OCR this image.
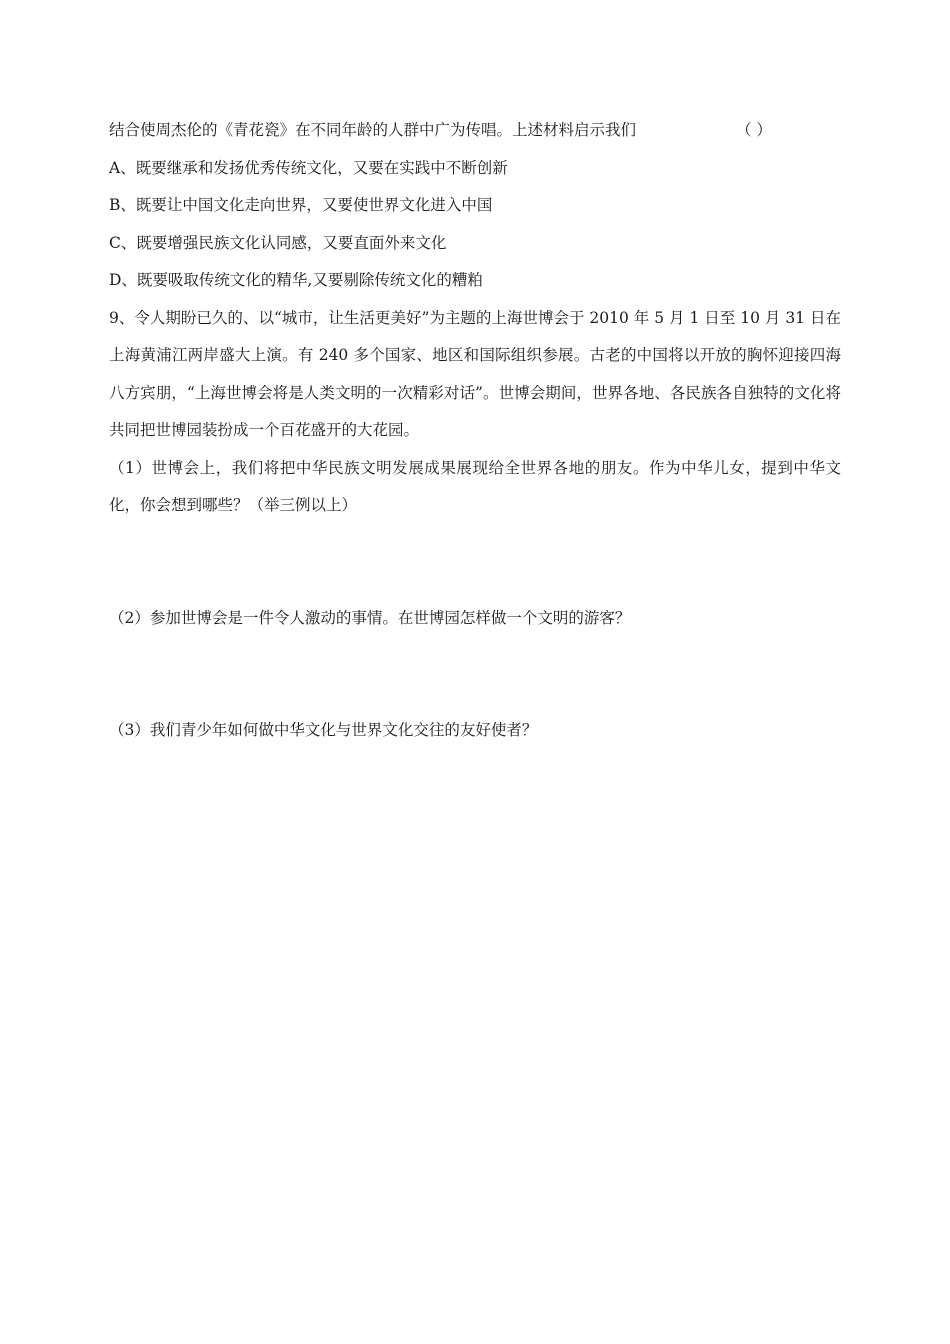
结合使周杰伦的《青花瓷》在不同年龄的人群中广为传唱。上述材料启示我们	（ ）
A、既要继承和发扬优秀传统文化，又要在实践中不断创新
B、既要让中国文化走向世界，又要使世界文化进入中国
C、既要增强民族文化认同感，又要直面外来文化
D、既要吸取传统文化的精华,又要剔除传统文化的糟粕
9、令人期盼已久的、以“城市，让生活更美好”为主题的上海世博会于 2010 年 5 月 1 日至 10 月 31 日在上海黄浦江两岸盛大上演。有 240 多个国家、地区和国际组织参展。古老的中国将以开放的胸怀迎接四海八方宾朋，“上海世博会将是人类文明的一次精彩对话”。世博会期间，世界各地、各民族各自独特的文化将共同把世博园装扮成一个百花盛开的大花园。
（1）世博会上，我们将把中华民族文明发展成果展现给全世界各地的朋友。作为中华儿女，提到中华文化，你会想到哪些？（举三例以上）
（2）参加世博会是一件令人激动的事情。在世博园怎样做一个文明的游客？
（3）我们青少年如何做中华文化与世界文化交往的友好使者？
